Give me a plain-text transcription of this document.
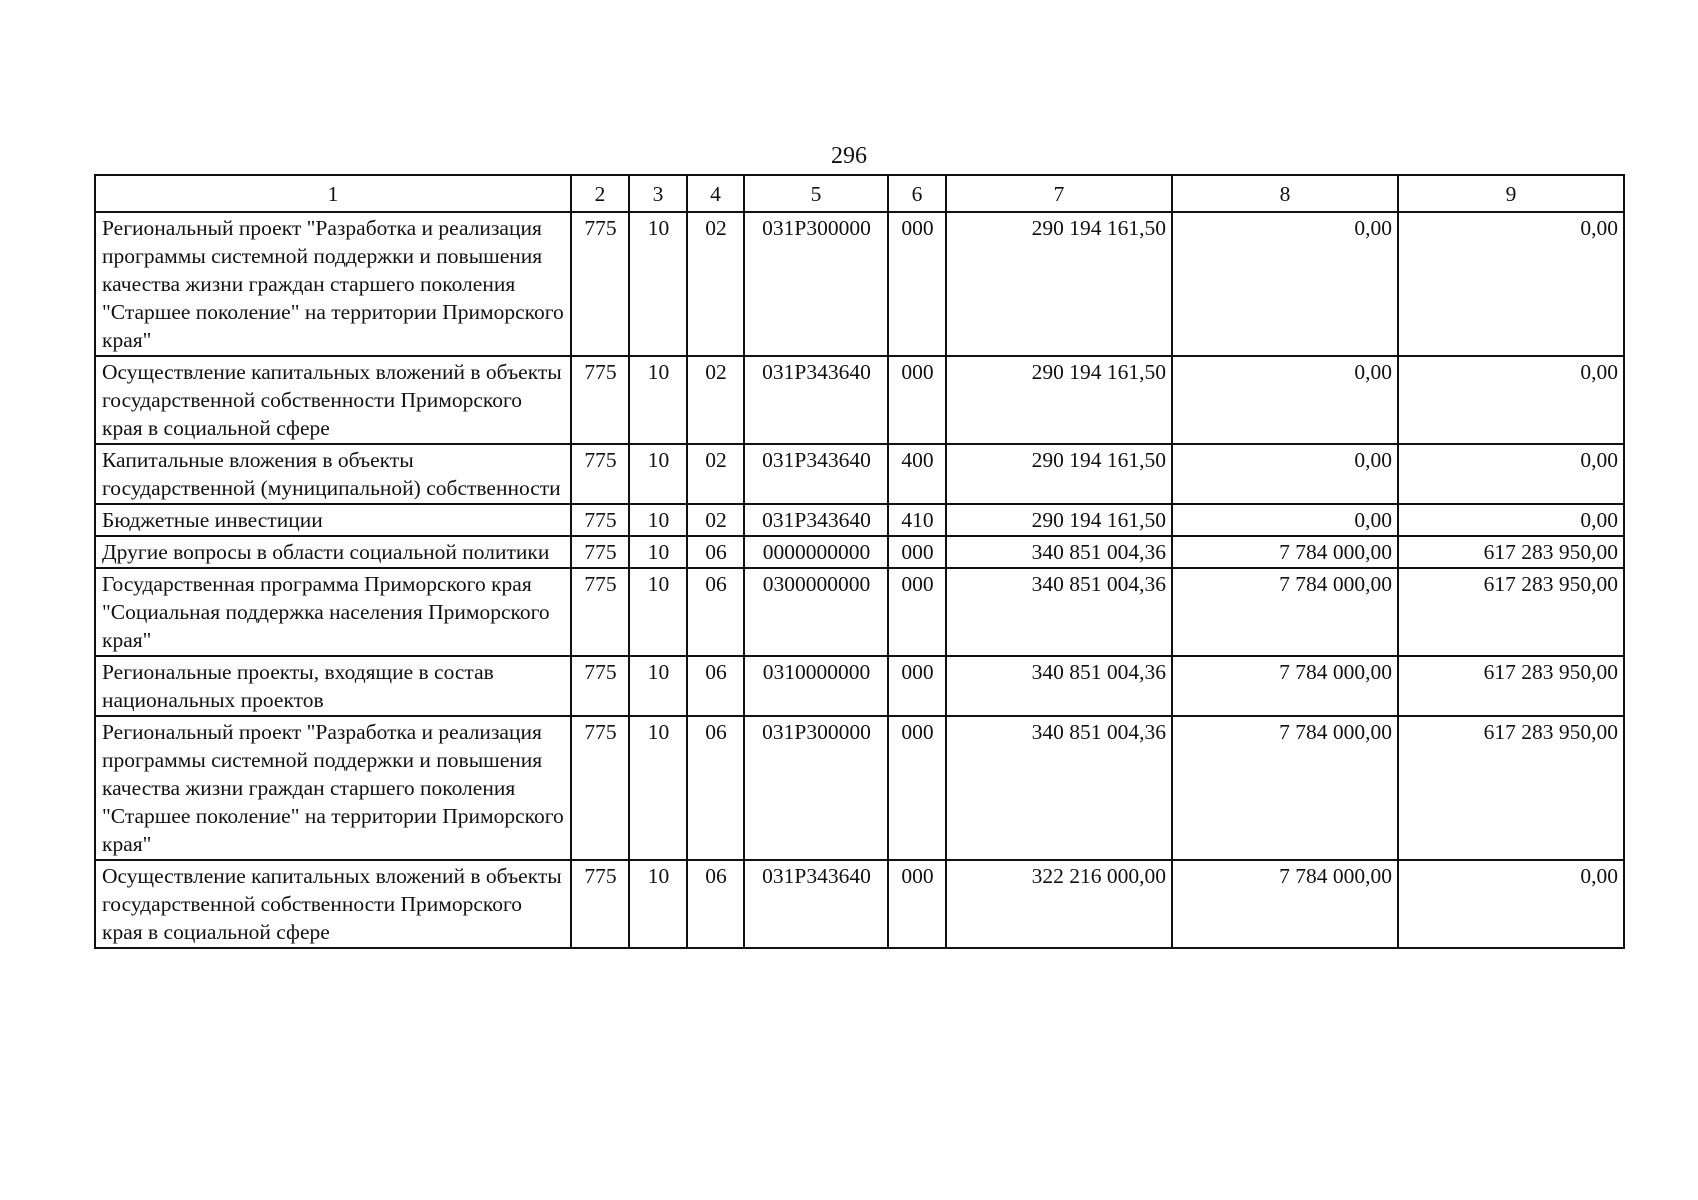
296
1	2	3	4	5	6	7	8	9
Региональный проект "Разработка и реализация программы системной поддержки и повышения качества жизни граждан старшего поколения "Старшее поколение" на территории Приморского края"	775	10	02	031P300000	000	290 194 161,50	0,00	0,00
Осуществление капитальных вложений в объекты государственной собственности Приморского края в социальной сфере	775	10	02	031P343640	000	290 194 161,50	0,00	0,00
Капитальные вложения в объекты государственной (муниципальной) собственности	775	10	02	031P343640	400	290 194 161,50	0,00	0,00
Бюджетные инвестиции	775	10	02	031P343640	410	290 194 161,50	0,00	0,00
Другие вопросы в области социальной политики	775	10	06	0000000000	000	340 851 004,36	7 784 000,00	617 283 950,00
Государственная программа Приморского края "Социальная поддержка населения Приморского края"	775	10	06	0300000000	000	340 851 004,36	7 784 000,00	617 283 950,00
Региональные проекты, входящие в состав национальных проектов	775	10	06	0310000000	000	340 851 004,36	7 784 000,00	617 283 950,00
Региональный проект "Разработка и реализация программы системной поддержки и повышения качества жизни граждан старшего поколения "Старшее поколение" на территории Приморского края"	775	10	06	031P300000	000	340 851 004,36	7 784 000,00	617 283 950,00
Осуществление капитальных вложений в объекты государственной собственности Приморского края в социальной сфере	775	10	06	031P343640	000	322 216 000,00	7 784 000,00	0,00
